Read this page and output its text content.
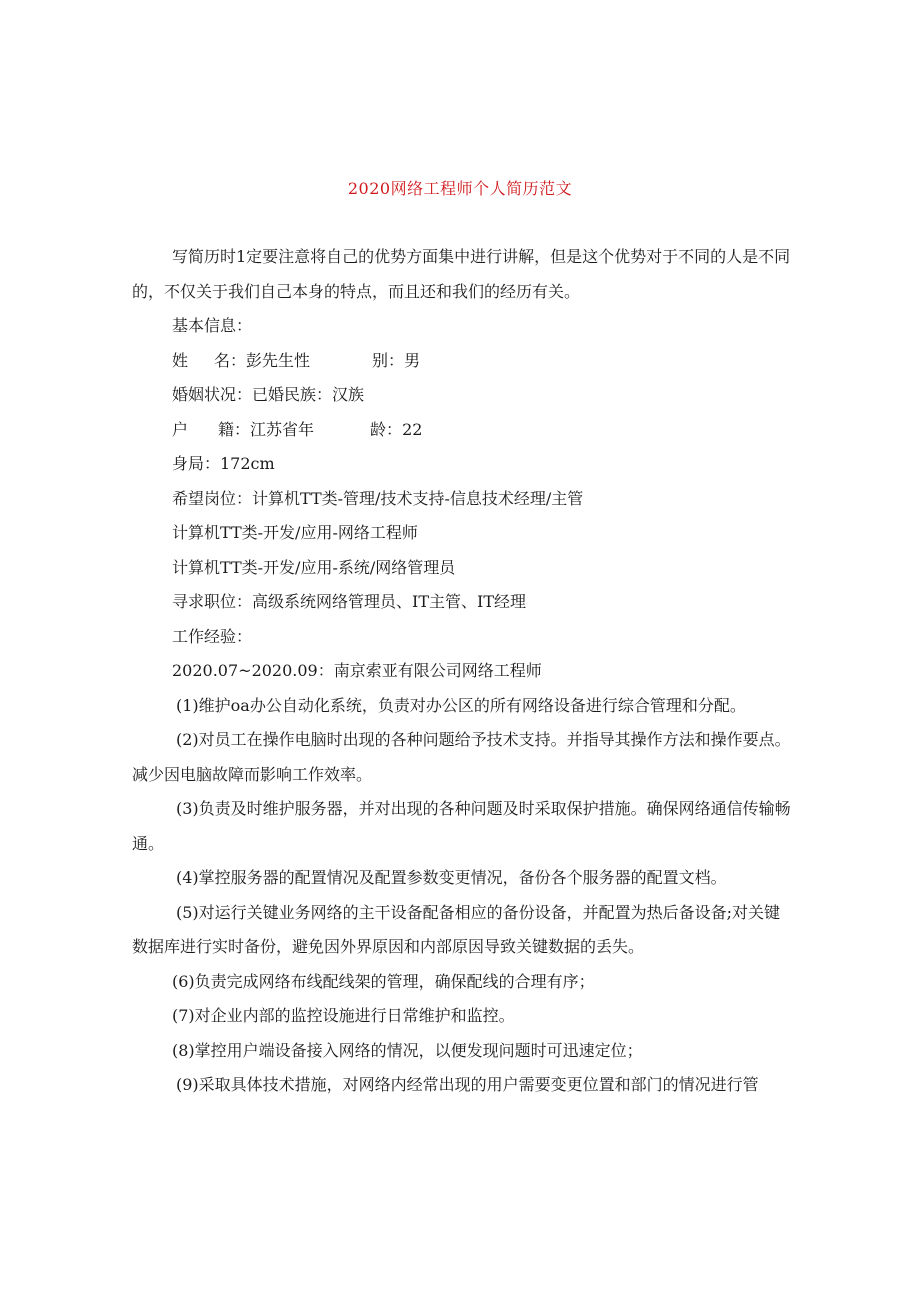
2020网络工程师个人简历范文

写简历时1定要注意将自己的优势方面集中进行讲解，但是这个优势对于不同的人是不同的，不仅关于我们自己本身的特点，而且还和我们的经历有关。

基本信息：

姓 名：彭先生性	别：男

婚姻状况：已婚民族：汉族

户 籍：江苏省年	龄：22

身局：172cm

希望岗位：计算机TT类-管理/技术支持-信息技术经理/主管

计算机TT类-开发/应用-网络工程师

计算机TT类-开发/应用-系统/网络管理员

寻求职位：高级系统网络管理员、IT主管、IT经理

工作经验：

2020.07~2020.09：南京索亚有限公司网络工程师

(1)维护oa办公自动化系统，负责对办公区的所有网络设备进行综合管理和分配。

(2)对员工在操作电脑时出现的各种问题给予技术支持。并指导其操作方法和操作要点。减少因电脑故障而影响工作效率。

(3)负责及时维护服务器，并对出现的各种问题及时采取保护措施。确保网络通信传输畅通。

(4)掌控服务器的配置情况及配置参数变更情况，备份各个服务器的配置文档。

(5)对运行关键业务网络的主干设备配备相应的备份设备，并配置为热后备设备;对关键数据库进行实时备份，避免因外界原因和内部原因导致关键数据的丢失。

(6)负责完成网络布线配线架的管理，确保配线的合理有序；

(7)对企业内部的监控设施进行日常维护和监控。

(8)掌控用户端设备接入网络的情况，以便发现问题时可迅速定位；

(9)采取具体技术措施，对网络内经常出现的用户需要变更位置和部门的情况进行管
